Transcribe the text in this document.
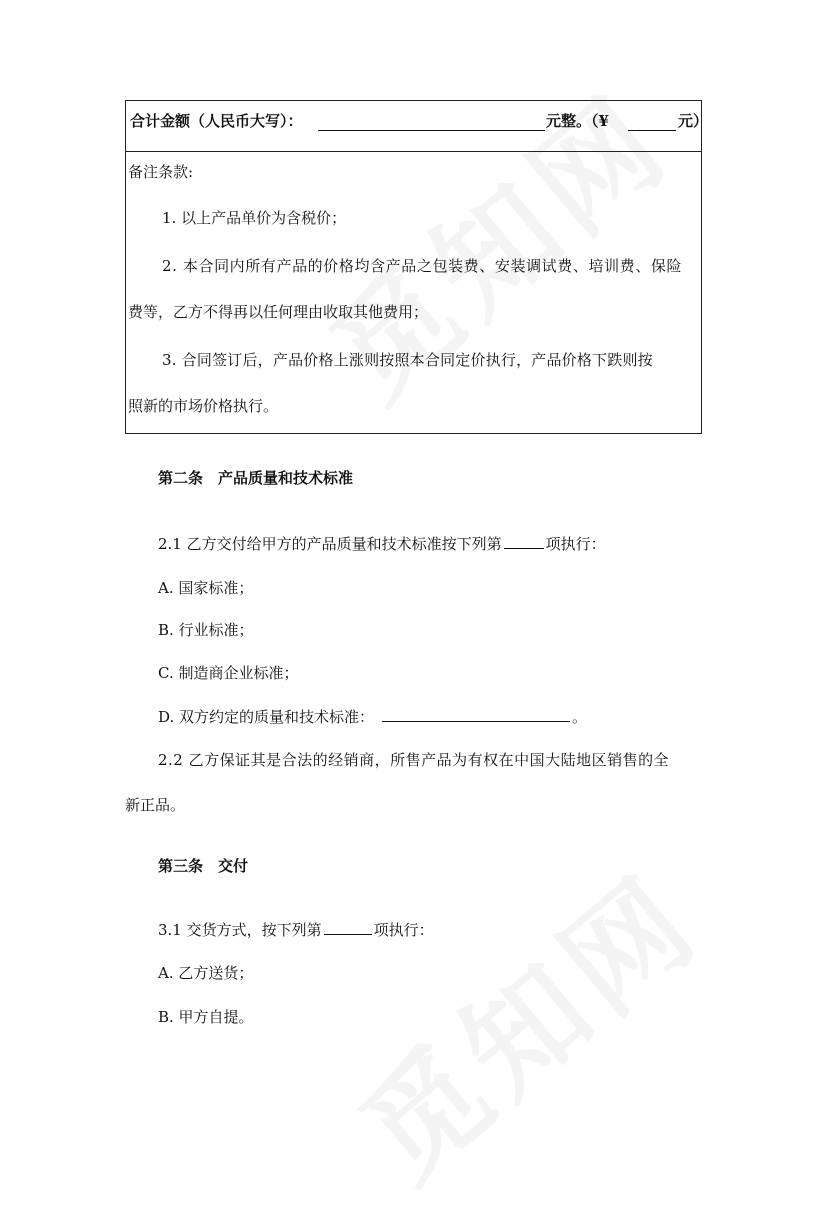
合计金额（人民币大写）：	元整。（¥	元）
备注条款:
1. 以上产品单价为含税价；
2. 本合同内所有产品的价格均含产品之包装费、安装调试费、培训费、保险
费等，乙方不得再以任何理由收取其他费用；
3. 合同签订后，产品价格上涨则按照本合同定价执行，产品价格下跌则按
照新的市场价格执行。
第二条　产品质量和技术标准
2.1 乙方交付给甲方的产品质量和技术标准按下列第	项执行：
A. 国家标准；
B. 行业标准；
C. 制造商企业标准；
D. 双方约定的质量和技术标准：	。
2.2 乙方保证其是合法的经销商，所售产品为有权在中国大陆地区销售的全
新正品。
第三条　交付
3.1 交货方式，按下列第	项执行：
A. 乙方送货；
B. 甲方自提。
